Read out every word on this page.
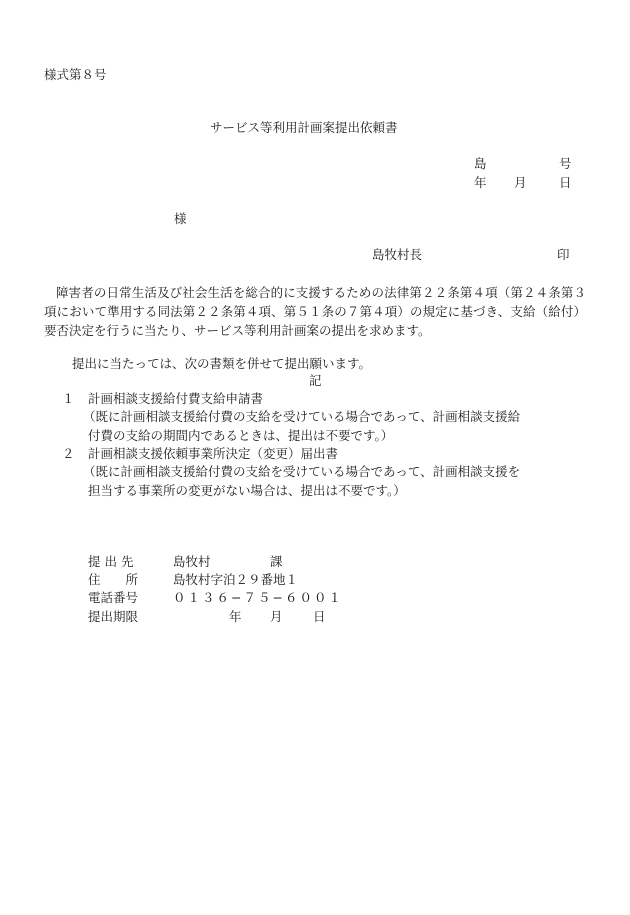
様式第８号
サービス等利用計画案提出依頼書
島	号
年 月	日
様
島牧村長	印
障害者の日常生活及び社会生活を総合的に支援するための法律第２２条第４項（第２４条第３項において準用する同法第２２条第４項、第５１条の７第４項）の規定に基づき、支給（給付）要否決定を行うに当たり、サービス等利用計画案の提出を求めます。
提出に当たっては、次の書類を併せて提出願います。
記
１ 計画相談支援給付費支給申請書
（既に計画相談支援給付費の支給を受けている場合であって、計画相談支援給
付費の支給の期間内であるときは、提出は不要です。）
２ 計画相談支援依頼事業所決定（変更）届出書
（既に計画相談支援給付費の支給を受けている場合であって、計画相談支援を
担当する事業所の変更がない場合は、提出は不要です。）
提 出 先	島牧村	課
住　　所	島牧村字泊２９番地１
電話番号	０１３６−７５−６００１
提出期限	年 月 日
